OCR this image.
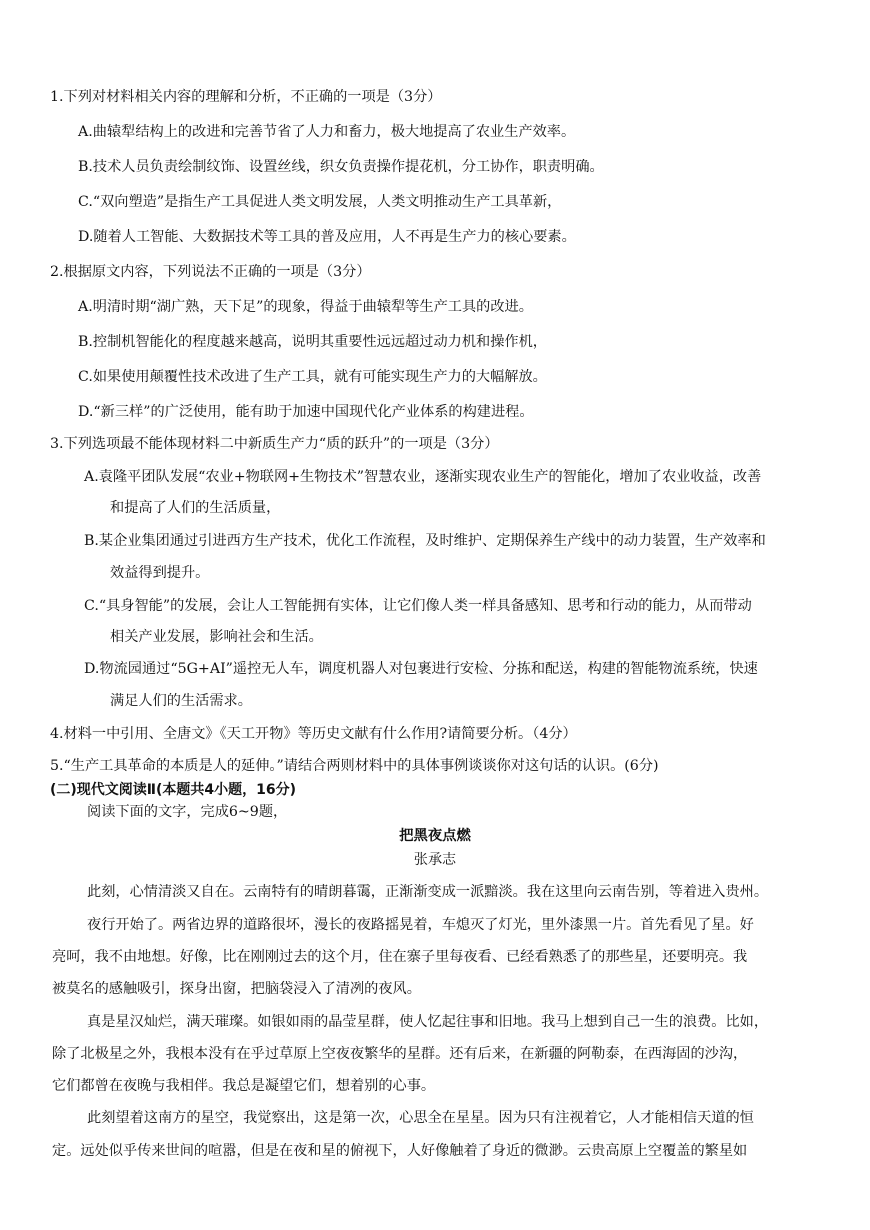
1.下列对材料相关内容的理解和分析，不正确的一项是（3分）
A.曲辕犁结构上的改进和完善节省了人力和畜力，极大地提高了农业生产效率。
B.技术人员负责绘制纹饰、设置丝线，织女负责操作提花机，分工协作，职责明确。
C.“双向塑造”是指生产工具促进人类文明发展，人类文明推动生产工具革新，
D.随着人工智能、大数据技术等工具的普及应用，人不再是生产力的核心要素。
2.根据原文内容，下列说法不正确的一项是（3分）
A.明清时期“湖广熟，天下足”的现象，得益于曲辕犁等生产工具的改进。
B.控制机智能化的程度越来越高，说明其重要性远远超过动力机和操作机，
C.如果使用颠覆性技术改进了生产工具，就有可能实现生产力的大幅解放。
D.“新三样”的广泛使用，能有助于加速中国现代化产业体系的构建进程。
3.下列选项最不能体现材料二中新质生产力“质的跃升”的一项是（3分）
A.袁隆平团队发展“农业+物联网+生物技术”智慧农业，逐渐实现农业生产的智能化，增加了农业收益，改善
和提高了人们的生活质量，
B.某企业集团通过引进西方生产技术，优化工作流程，及时维护、定期保养生产线中的动力装置，生产效率和
效益得到提升。
C.“具身智能”的发展，会让人工智能拥有实体，让它们像人类一样具备感知、思考和行动的能力，从而带动
相关产业发展，影响社会和生活。
D.物流园通过“5G+AI”遥控无人车，调度机器人对包裹进行安检、分拣和配送，构建的智能物流系统，快速
满足人们的生活需求。
4.材料一中引用、全唐文》《天工开物》等历史文献有什么作用?请简要分析。（4分）
5.“生产工具革命的本质是人的延伸。”请结合两则材料中的具体事例谈谈你对这句话的认识。(6分)
(二)现代文阅读Ⅱ(本题共4小题，16分)
阅读下面的文字，完成6~9题，
把黑夜点燃
张承志
此刻，心情清淡又自在。云南特有的晴朗暮霭，正渐渐变成一派黯淡。我在这里向云南告别，等着进入贵州。
夜行开始了。两省边界的道路很坏，漫长的夜路摇晃着，车熄灭了灯光，里外漆黑一片。首先看见了星。好
亮呵，我不由地想。好像，比在刚刚过去的这个月，住在寨子里每夜看、已经看熟悉了的那些星，还要明亮。我
被莫名的感触吸引，探身出窗，把脑袋浸入了清冽的夜风。
真是星汉灿烂，满天璀璨。如银如雨的晶莹星群，使人忆起往事和旧地。我马上想到自己一生的浪费。比如，
除了北极星之外，我根本没有在乎过草原上空夜夜繁华的星群。还有后来，在新疆的阿勒泰，在西海固的沙沟，
它们都曾在夜晚与我相伴。我总是凝望它们，想着别的心事。
此刻望着这南方的星空，我觉察出，这是第一次，心思全在星星。因为只有注视着它，人才能相信天道的恒
定。远处似乎传来世间的喧嚣，但是在夜和星的俯视下，人好像触着了身近的微渺。云贵高原上空覆盖的繁星如
